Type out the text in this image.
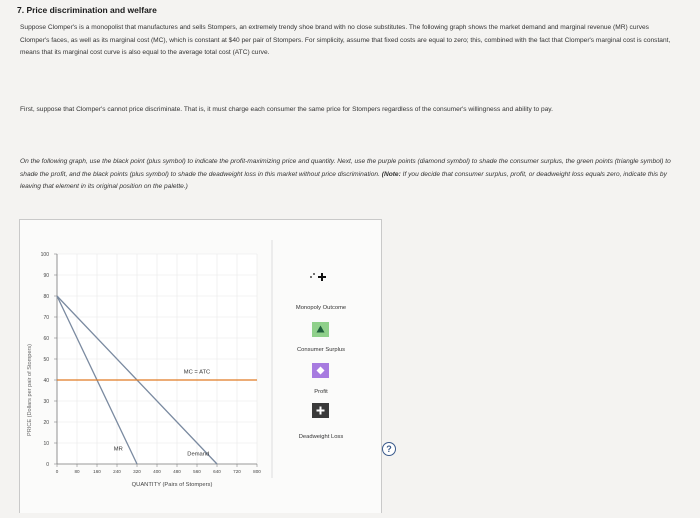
7. Price discrimination and welfare
Suppose Clomper's is a monopolist that manufactures and sells Stompers, an extremely trendy shoe brand with no close substitutes. The following graph shows the market demand and marginal revenue (MR) curves Clomper's faces, as well as its marginal cost (MC), which is constant at $40 per pair of Stompers. For simplicity, assume that fixed costs are equal to zero; this, combined with the fact that Clomper's marginal cost is constant, means that its marginal cost curve is also equal to the average total cost (ATC) curve.
First, suppose that Clomper's cannot price discriminate. That is, it must charge each consumer the same price for Stompers regardless of the consumer's willingness and ability to pay.
On the following graph, use the black point (plus symbol) to indicate the profit-maximizing price and quantity. Next, use the purple points (diamond symbol) to shade the consumer surplus, the green points (triangle symbol) to shade the profit, and the black points (plus symbol) to shade the deadweight loss in this market without price discrimination. (Note: If you decide that consumer surplus, profit, or deadweight loss equals zero, indicate this by leaving that element in its original position on the palette.)
PRICE (Dollars per pair of Stompers)
QUANTITY (Pairs of Stompers)
0
10
20
30
40
50
60
70
80
90
100
0	80	160	240	320	400	480	560	640	720	800
MC = ATC
MR
Demand
Monopoly Outcome
Consumer Surplus
Profit
Deadweight Loss
?
